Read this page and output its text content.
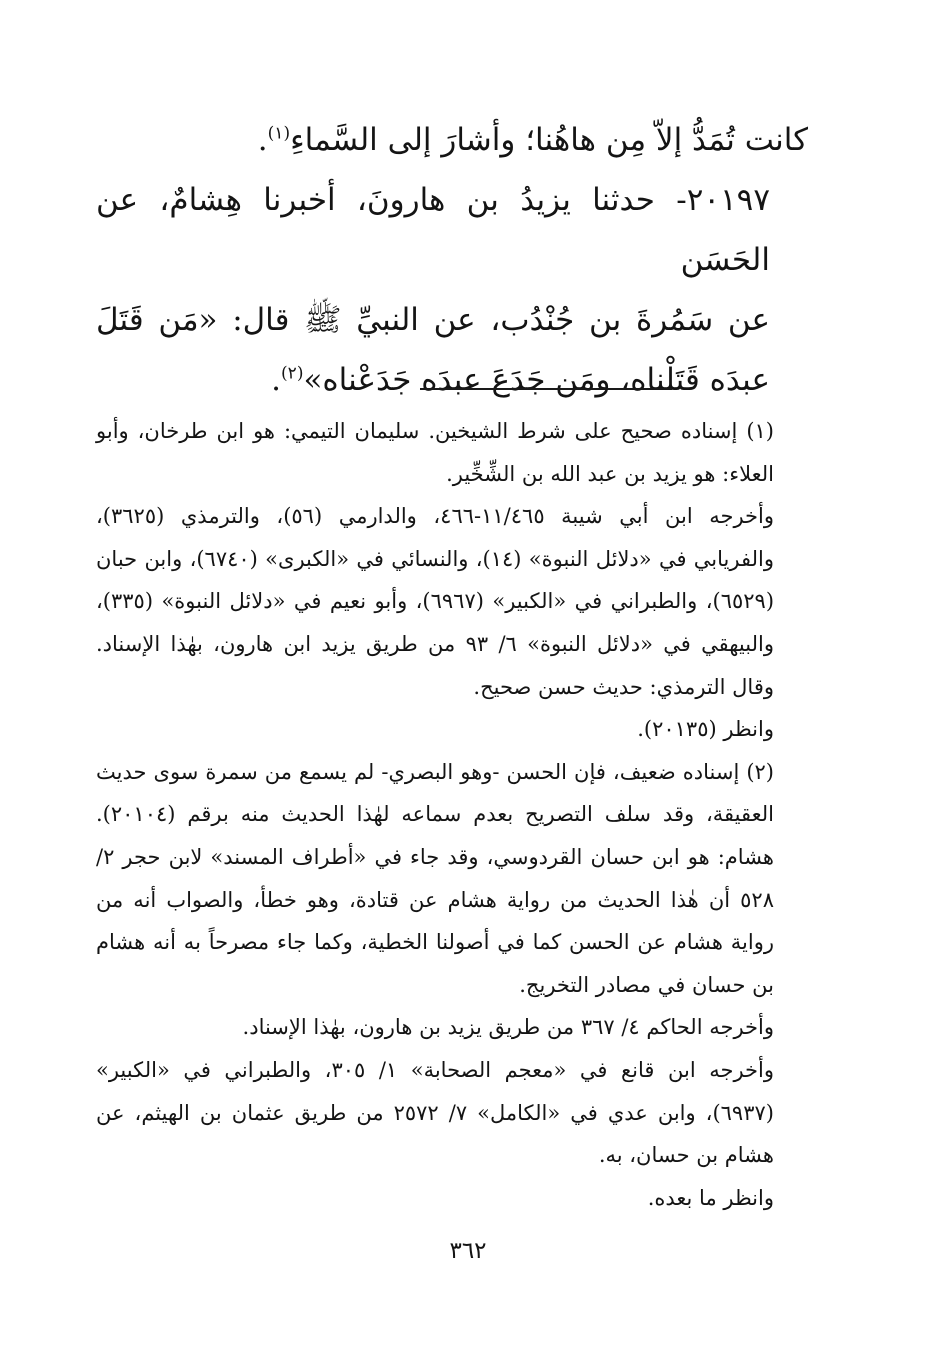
كانت تُمَدُّ إلاّ مِن هاهُنا؛ وأشارَ إلى السَّماءِ$^{(١)}$.

٢٠١٩٧- حدثنا يزيدُ بن هارونَ، أخبرنا هِشامٌ، عن الحَسَن

عن سَمُرةَ بن جُنْدُب، عن النبيِّ ﷺ قال: «مَن قَتَلَ عبدَه قَتَلْناه، ومَن جَدَعَ عبدَه جَدَعْناه»$^{(٢)}$.

(١) إسناده صحيح على شرط الشيخين. سليمان التيمي: هو ابن طرخان، وأبو العلاء: هو يزيد بن عبد الله بن الشِّخِّير.

وأخرجه ابن أبي شيبة ١١/٤٦٥-٤٦٦، والدارمي (٥٦)، والترمذي (٣٦٢٥)، والفريابي في «دلائل النبوة» (١٤)، والنسائي في «الكبرى» (٦٧٤٠)، وابن حبان (٦٥٢٩)، والطبراني في «الكبير» (٦٩٦٧)، وأبو نعيم في «دلائل النبوة» (٣٣٥)، والبيهقي في «دلائل النبوة» ٦/ ٩٣ من طريق يزيد ابن هارون، بهٰذا الإسناد. وقال الترمذي: حديث حسن صحيح.

وانظر (٢٠١٣٥).

(٢) إسناده ضعيف، فإن الحسن -وهو البصري- لم يسمع من سمرة سوى حديث العقيقة، وقد سلف التصريح بعدم سماعه لهٰذا الحديث منه برقم (٢٠١٠٤). هشام: هو ابن حسان القردوسي، وقد جاء في «أطراف المسند» لابن حجر ٢/ ٥٢٨ أن هٰذا الحديث من رواية هشام عن قتادة، وهو خطأ، والصواب أنه من رواية هشام عن الحسن كما في أصولنا الخطية، وكما جاء مصرحاً به أنه هشام بن حسان في مصادر التخريج.

وأخرجه الحاكم ٤/ ٣٦٧ من طريق يزيد بن هارون، بهٰذا الإسناد.

وأخرجه ابن قانع في «معجم الصحابة» ١/ ٣٠٥، والطبراني في «الكبير» (٦٩٣٧)، وابن عدي في «الكامل» ٧/ ٢٥٧٢ من طريق عثمان بن الهيثم، عن هشام بن حسان، به.

وانظر ما بعده.

٣٦٢
